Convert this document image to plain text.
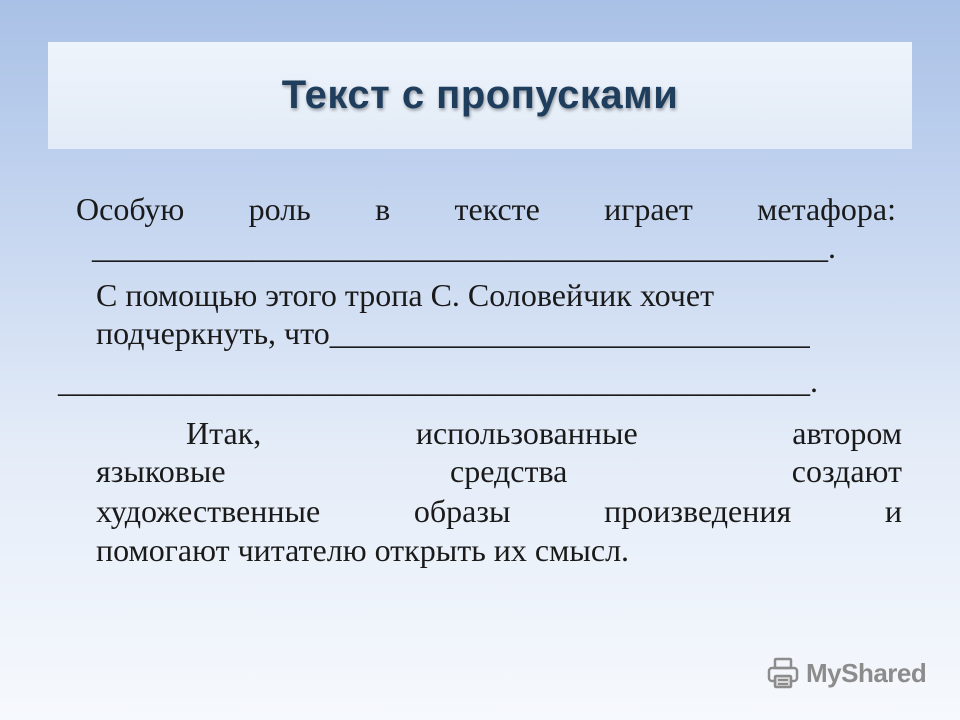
Текст с пропусками
Особую роль в тексте играет метафора:
______________________________________________.
С помощью этого тропа С. Соловейчик хочет
подчеркнуть, что______________________________
_______________________________________________.
Итак,	использованные	автором
языковые	средства	создают
художественные	образы	произведения	и
помогают читателю открыть их смысл.
MyShared
